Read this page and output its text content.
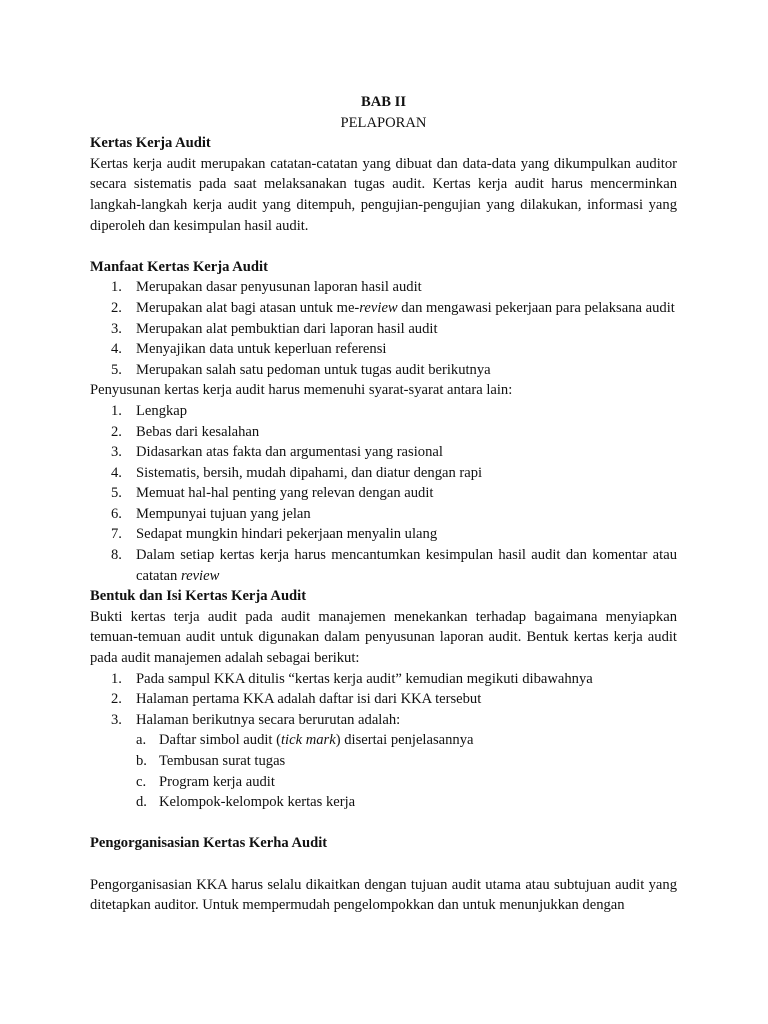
BAB II
PELAPORAN
Kertas Kerja Audit

Kertas kerja audit merupakan catatan-catatan yang dibuat dan data-data yang dikumpulkan auditor secara sistematis pada saat melaksanakan tugas audit. Kertas kerja audit harus mencerminkan langkah-langkah kerja audit yang ditempuh, pengujian-pengujian yang dilakukan, informasi yang diperoleh dan kesimpulan hasil audit.

Manfaat Kertas Kerja Audit
1. Merupakan dasar penyusunan laporan hasil audit
2. Merupakan alat bagi atasan untuk me-review dan mengawasi pekerjaan para pelaksana audit
3. Merupakan alat pembuktian dari laporan hasil audit
4. Menyajikan data untuk keperluan referensi
5. Merupakan salah satu pedoman untuk tugas audit berikutnya

Penyusunan kertas kerja audit harus memenuhi syarat-syarat antara lain:

1. Lengkap
2. Bebas dari kesalahan
3. Didasarkan atas fakta dan argumentasi yang rasional
4. Sistematis, bersih, mudah dipahami, dan diatur dengan rapi
5. Memuat hal-hal penting yang relevan dengan audit
6. Mempunyai tujuan yang jelan
7. Sedapat mungkin hindari pekerjaan menyalin ulang
8. Dalam setiap kertas kerja harus mencantumkan kesimpulan hasil audit dan komentar atau catatan review
Bentuk dan Isi Kertas Kerja Audit

Bukti kertas terja audit pada audit manajemen menekankan terhadap bagaimana menyiapkan temuan-temuan audit untuk digunakan dalam penyusunan laporan audit. Bentuk kertas kerja audit pada audit manajemen adalah sebagai berikut:

1. Pada sampul KKA ditulis “kertas kerja audit” kemudian megikuti dibawahnya
2. Halaman pertama KKA adalah daftar isi dari KKA tersebut
3. Halaman berikutnya secara berurutan adalah:
a. Daftar simbol audit (tick mark) disertai penjelasannya
b. Tembusan surat tugas
c. Program kerja audit
d. Kelompok-kelompok kertas kerja
Pengorganisasian Kertas Kerha Audit

Pengorganisasian KKA harus selalu dikaitkan dengan tujuan audit utama atau subtujuan audit yang ditetapkan auditor. Untuk mempermudah pengelompokkan dan untuk menunjukkan dengan
